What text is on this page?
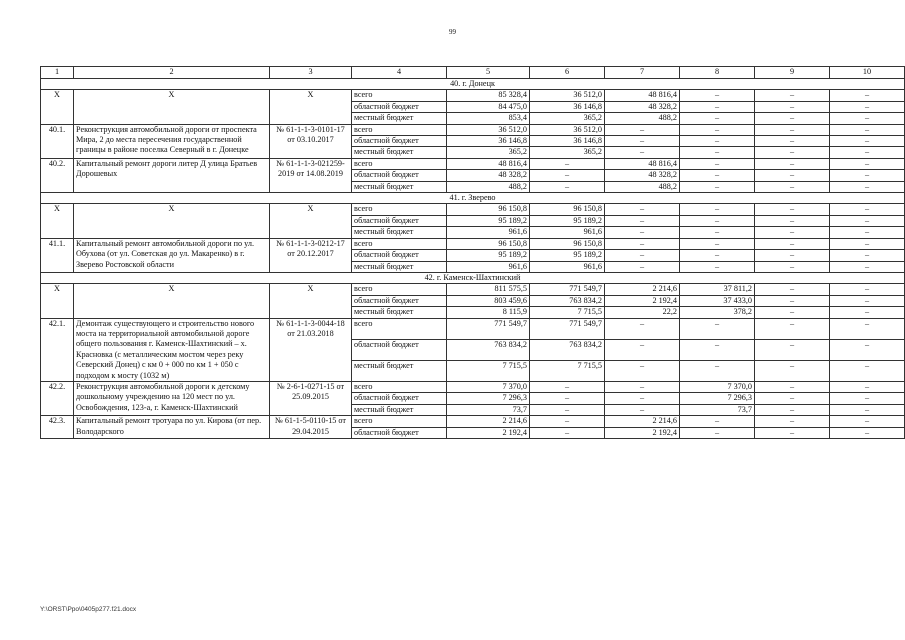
99
1	2	3	4	5	6	7	8	9	10
40. г. Донецк									
X	X	X	всего	85 328,4	36 512,0	48 816,4	–	–	–
			областной бюджет	84 475,0	36 146,8	48 328,2	–	–	–
			местный бюджет	853,4	365,2	488,2	–	–	–
40.1.	Реконструкция автомобильной дороги от проспекта Мира, 2 до места пересечения государственной границы в районе поселка Северный в г. Донецке	№ 61-1-1-3-0101-17 от 03.10.2017	всего	36 512,0	36 512,0	–	–	–	–
			областной бюджет	36 146,8	36 146,8	–	–	–	–
			местный бюджет	365,2	365,2	–	–	–	–
40.2.	Капитальный ремонт дороги литер Д улица Братьев Дорошевых	№ 61-1-1-3-021259-2019 от 14.08.2019	всего	48 816,4	–	48 816,4	–	–	–
			областной бюджет	48 328,2	–	48 328,2	–	–	–
			местный бюджет	488,2	–	488,2	–	–	–
41. г. Зверево									
X	X	X	всего	96 150,8	96 150,8	–	–	–	–
			областной бюджет	95 189,2	95 189,2	–	–	–	–
			местный бюджет	961,6	961,6	–	–	–	–
41.1.	Капитальный ремонт автомобильной дороги по ул. Обухова (от ул. Советская до ул. Макаренко) в г. Зверево Ростовской области	№ 61-1-1-3-0212-17 от 20.12.2017	всего	96 150,8	96 150,8	–	–	–	–
			областной бюджет	95 189,2	95 189,2	–	–	–	–
			местный бюджет	961,6	961,6	–	–	–	–
42. г. Каменск-Шахтинский									
X	X	X	всего	811 575,5	771 549,7	2 214,6	37 811,2	–	–
			областной бюджет	803 459,6	763 834,2	2 192,4	37 433,0	–	–
			местный бюджет	8 115,9	7 715,5	22,2	378,2	–	–
42.1.	Демонтаж существующего и строительство нового моста на территориальной автомобильной дороге общего пользования г. Каменск-Шахтинский – х. Красновка (с металлическим мостом через реку Северский Донец) с км 0 + 000 по км 1 + 050 с подходом к мосту (1032 м)	№ 61-1-1-3-0044-18 от 21.03.2018	всего	771 549,7	771 549,7	–	–	–	–
			областной бюджет	763 834,2	763 834,2	–	–	–	–
			местный бюджет	7 715,5	7 715,5	–	–	–	–
42.2.	Реконструкция автомобильной дороги к детскому дошкольному учреждению на 120 мест по ул. Освобождения, 123-а, г. Каменск-Шахтинский	№ 2-6-1-0271-15 от 25.09.2015	всего	7 370,0	–	–	7 370,0	–	–
			областной бюджет	7 296,3	–	–	7 296,3	–	–
			местный бюджет	73,7	–	–	73,7	–	–
42.3.	Капитальный ремонт тротуара по ул. Кирова (от пер. Володарского	№ 61-1-5-0110-15 от 29.04.2015	всего	2 214,6	–	2 214,6	–	–	–
			областной бюджет	2 192,4	–	2 192,4	–	–	–
Y:\ORST\Ppo\0405p277.f21.docx
